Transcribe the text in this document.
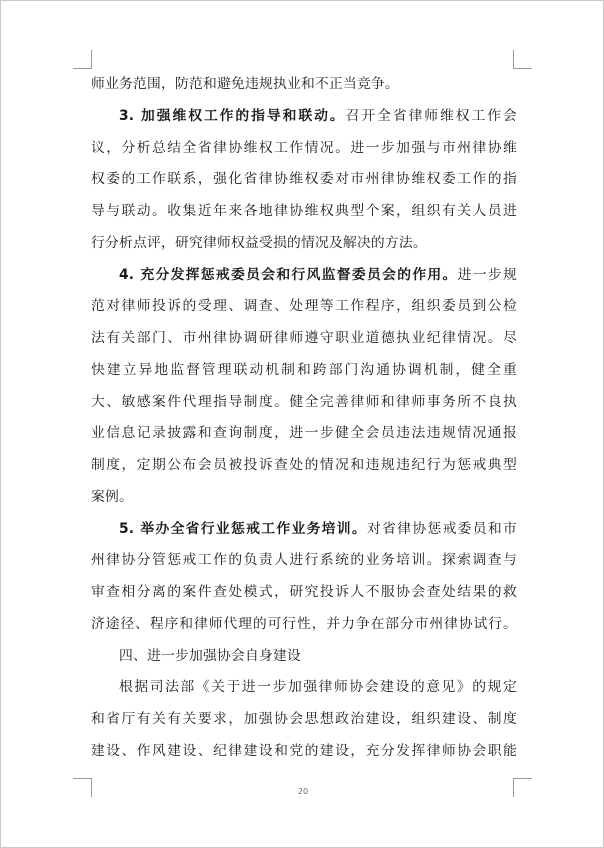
师业务范围，防范和避免违规执业和不正当竞争。
3. 加强维权工作的指导和联动。召开全省律师维权工作会
议，分析总结全省律协维权工作情况。进一步加强与市州律协维
权委的工作联系，强化省律协维权委对市州律协维权委工作的指
导与联动。收集近年来各地律协维权典型个案，组织有关人员进
行分析点评，研究律师权益受损的情况及解决的方法。
4. 充分发挥惩戒委员会和行风监督委员会的作用。进一步规
范对律师投诉的受理、调查、处理等工作程序，组织委员到公检
法有关部门、市州律协调研律师遵守职业道德执业纪律情况。尽
快建立异地监督管理联动机制和跨部门沟通协调机制，健全重
大、敏感案件代理指导制度。健全完善律师和律师事务所不良执
业信息记录披露和查询制度，进一步健全会员违法违规情况通报
制度，定期公布会员被投诉查处的情况和违规违纪行为惩戒典型
案例。
5. 举办全省行业惩戒工作业务培训。对省律协惩戒委员和市
州律协分管惩戒工作的负责人进行系统的业务培训。探索调查与
审查相分离的案件查处模式，研究投诉人不服协会查处结果的救
济途径、程序和律师代理的可行性，并力争在部分市州律协试行。
四、进一步加强协会自身建设
根据司法部《关于进一步加强律师协会建设的意见》的规定
和省厅有关有关要求，加强协会思想政治建设，组织建设、制度
建设、作风建设、纪律建设和党的建设，充分发挥律师协会职能
20
